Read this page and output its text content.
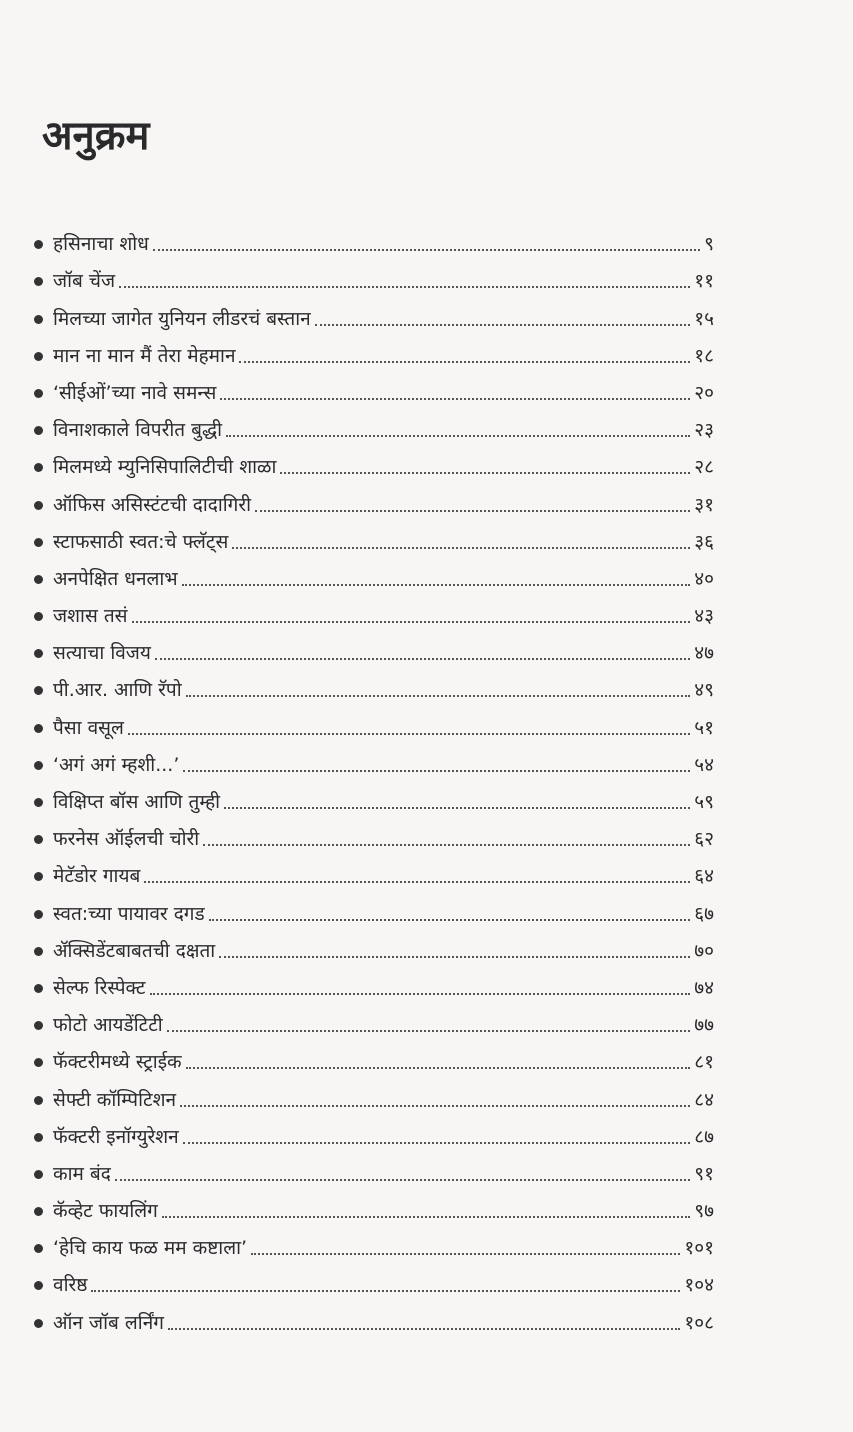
अनुक्रम
हसिनाचा शोध	९
जॉब चेंज	११
मिलच्या जागेत युनियन लीडरचं बस्तान	१५
मान ना मान मैं तेरा मेहमान	१८
‘सीईओं’च्या नावे समन्स	२०
विनाशकाले विपरीत बुद्धी	२३
मिलमध्ये म्युनिसिपालिटीची शाळा	२८
ऑफिस असिस्टंटची दादागिरी	३१
स्टाफसाठी स्वत:चे फ्लॅट्स	३६
अनपेक्षित धनलाभ	४०
जशास तसं	४३
सत्याचा विजय	४७
पी.आर. आणि रॅपो	४९
पैसा वसूल	५१
‘अगं अगं म्हशी...’	५४
विक्षिप्त बॉस आणि तुम्ही	५९
फरनेस ऑईलची चोरी	६२
मेटॅडोर गायब	६४
स्वत:च्या पायावर दगड	६७
ॲक्सिडेंटबाबतची दक्षता	७०
सेल्फ रिस्पेक्ट	७४
फोटो आयडेंटिटी	७७
फॅक्टरीमध्ये स्ट्राईक	८१
सेफ्टी कॉम्पिटिशन	८४
फॅक्टरी इनॉग्युरेशन	८७
काम बंद	९१
कॅव्हेट फायलिंग	९७
‘हेचि काय फळ मम कष्टाला’	१०१
वरिष्ठ	१०४
ऑन जॉब लर्निंग	१०८
